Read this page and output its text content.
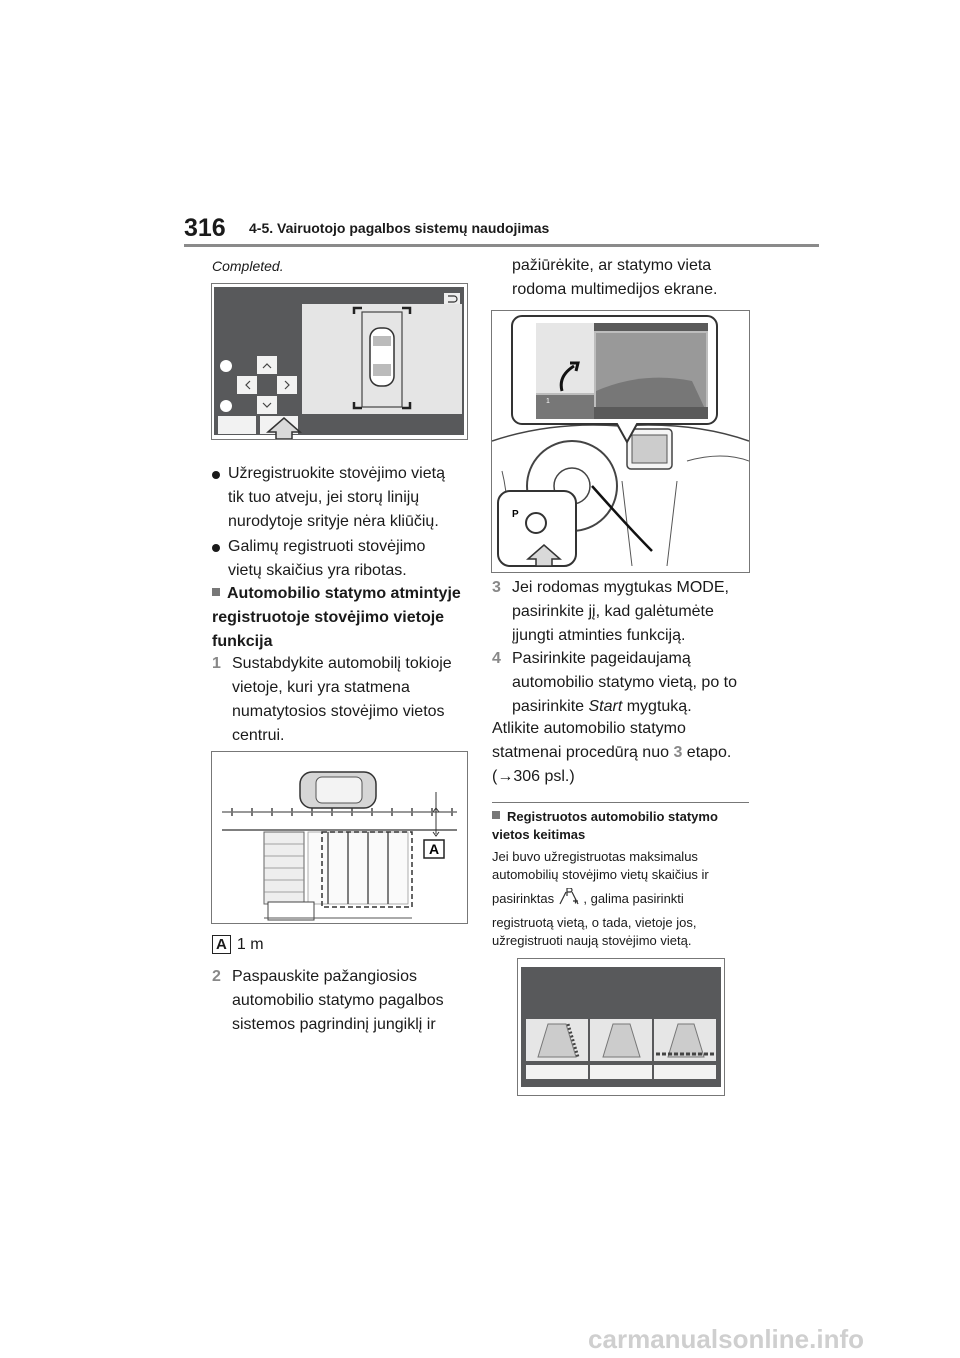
316 4-5. Vairuotojo pagalbos sistemų naudojimas
Completed.
Užregistruokite stovėjimo vietą tik tuo atveju, jei storų linijų nurodytoje srityje nėra kliūčių.
Galimų registruoti stovėjimo vietų skaičius yra ribotas.
Automobilio statymo atmintyje registruotoje stovėjimo vietoje funkcija
1 Sustabdykite automobilį tokioje vietoje, kuri yra statmena numatytosios stovėjimo vietos centrui.
A
A 1 m
2 Paspauskite pažangiosios automobilio statymo pagalbos sistemos pagrindinį jungiklį ir
pažiūrėkite, ar statymo vieta rodoma multimedijos ekrane.
1
P
3 Jei rodomas mygtukas MODE, pasirinkite jį, kad galėtumėte įjungti atminties funkciją.
4 Pasirinkite pageidaujamą automobilio statymo vietą, po to pasirinkite Start mygtuką.
Atlikite automobilio statymo statmenai procedūrą nuo 3 etapo.
(→306 psl.)
Registruotos automobilio statymo vietos keitimas
Jei buvo užregistruotas maksimalus automobilių stovėjimo vietų skaičius ir
pasirinktas  , galima pasirinkti
registruotą vietą, o tada, vietoje jos, užregistruoti naują stovėjimo vietą.
carmanualsonline.info
